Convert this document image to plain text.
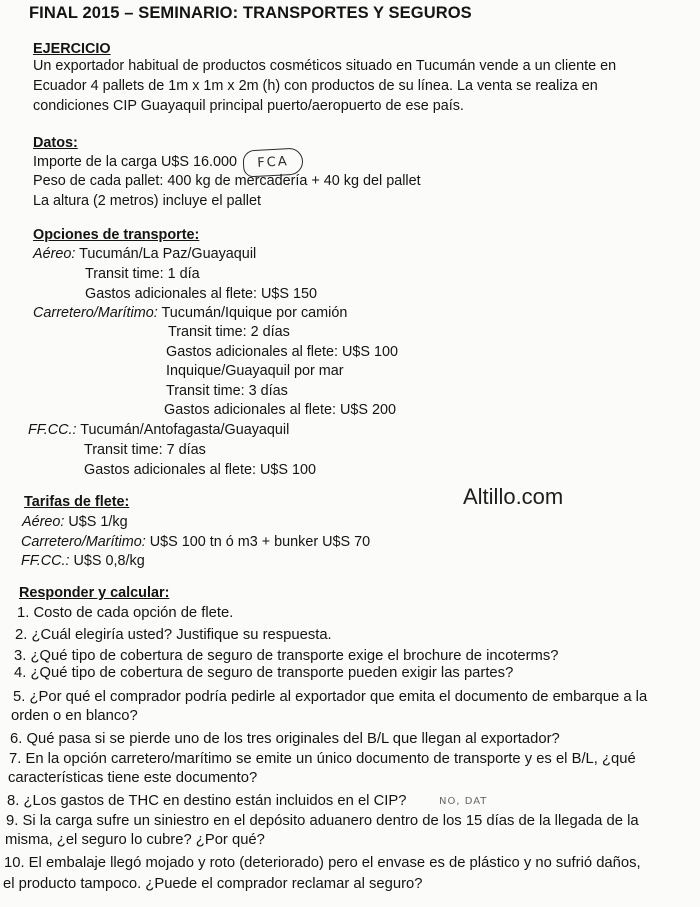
FINAL 2015 – SEMINARIO: TRANSPORTES Y SEGUROS
EJERCICIO
Un exportador habitual de productos cosméticos situado en Tucumán vende a un cliente en
Ecuador 4 pallets de 1m x 1m x 2m (h) con productos de su línea. La venta se realiza en
condiciones CIP Guayaquil principal puerto/aeropuerto de ese país.
Datos:
Importe de la carga U$S 16.000	FCA
Peso de cada pallet: 400 kg de mercadería + 40 kg del pallet
La altura (2 metros) incluye el pallet
Opciones de transporte:
Aéreo: Tucumán/La Paz/Guayaquil
Transit time: 1 día
Gastos adicionales al flete: U$S 150
Carretero/Marítimo: Tucumán/Iquique por camión
Transit time: 2 días
Gastos adicionales al flete: U$S 100
Inquique/Guayaquil por mar
Transit time: 3 días
Gastos adicionales al flete: U$S 200
FF.CC.: Tucumán/Antofagasta/Guayaquil
Transit time: 7 días
Gastos adicionales al flete: U$S 100
Tarifas de flete:	Altillo.com
Aéreo: U$S 1/kg
Carretero/Marítimo: U$S 100 tn ó m3 + bunker U$S 70
FF.CC.: U$S 0,8/kg
Responder y calcular:
1. Costo de cada opción de flete.
2. ¿Cuál elegiría usted? Justifique su respuesta.
3. ¿Qué tipo de cobertura de seguro de transporte exige el brochure de incoterms?
4. ¿Qué tipo de cobertura de seguro de transporte pueden exigir las partes?
5. ¿Por qué el comprador podría pedirle al exportador que emita el documento de embarque a la
orden o en blanco?
6. Qué pasa si se pierde uno de los tres originales del B/L que llegan al exportador?
7. En la opción carretero/marítimo se emite un único documento de transporte y es el B/L, ¿qué
características tiene este documento?
8. ¿Los gastos de THC en destino están incluidos en el CIP?	NO, DAT
9. Si la carga sufre un siniestro en el depósito aduanero dentro de los 15 días de la llegada de la
misma, ¿el seguro lo cubre? ¿Por qué?
10. El embalaje llegó mojado y roto (deteriorado) pero el envase es de plástico y no sufrió daños,
el producto tampoco. ¿Puede el comprador reclamar al seguro?
